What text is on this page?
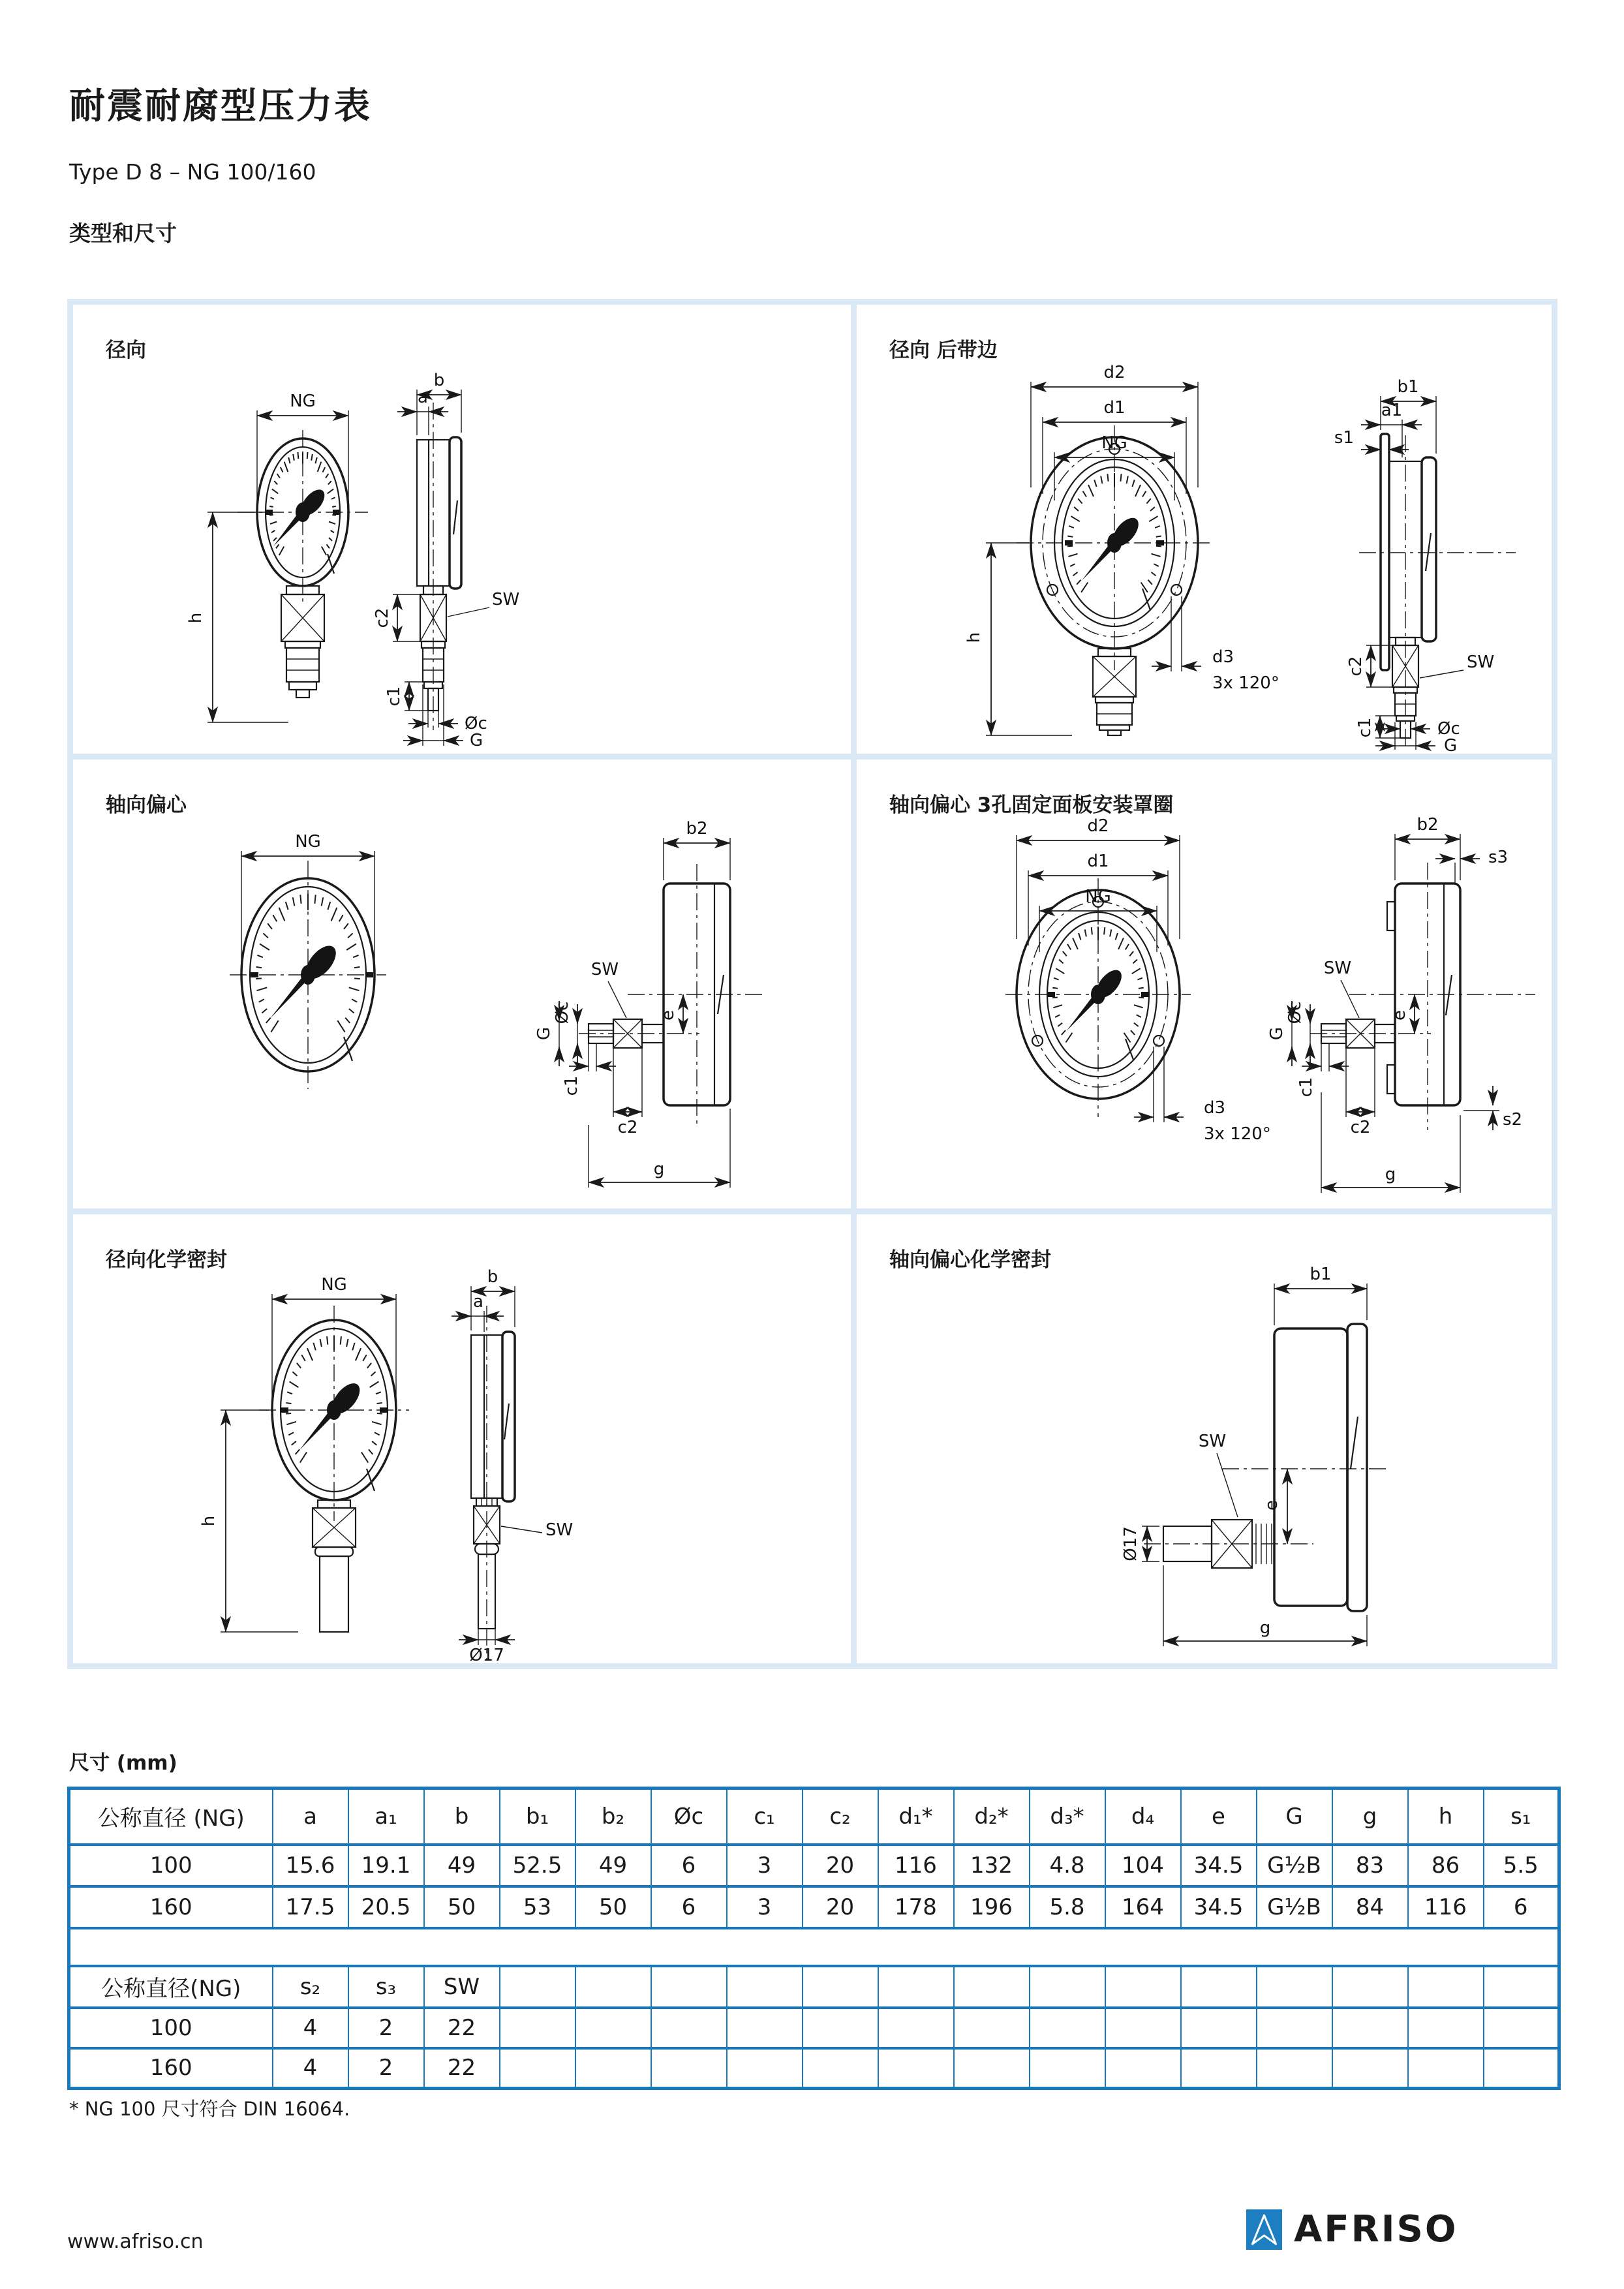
耐震耐腐型压力表
Type D 8 – NG 100/160
类型和尺寸
径向
NG
h
b
a
SW
c2
c1
Øc
G
径向 后带边
d2
d1
NG
h
d3
3x 120°
b1
a1
s1
SW
c2
c1	Øc
G
轴向偏心
NG
b2
e
SW
Øc
G
c1
c2
g
轴向偏心 3孔固定面板安装罩圈
d2
d1
NG
d3
3x 120°
b2
s3
e
SW
Øc
G
c1
c2	s2
g
径向化学密封
NG
h
b
a
SW
Ø17
轴向偏心化学密封
b1
SW
e
Ø17
g
尺寸 (mm)
公称直径 (NG)	a	a₁	b	b₁	b₂	Øc	c₁	c₂	d₁*	d₂*	d₃*	d₄	e	G	g	h	s₁
100	15.6	19.1	49	52.5	49	6	3	20	116	132	4.8	104	34.5	G½B	83	86	5.5
160	17.5	20.5	50	53	50	6	3	20	178	196	5.8	164	34.5	G½B	84	116	6

公称直径(NG)	s₂	s₃	SW														
100	4	2	22														
160	4	2	22														
* NG 100 尺寸符合 DIN 16064.
www.afriso.cn	AFRISO
